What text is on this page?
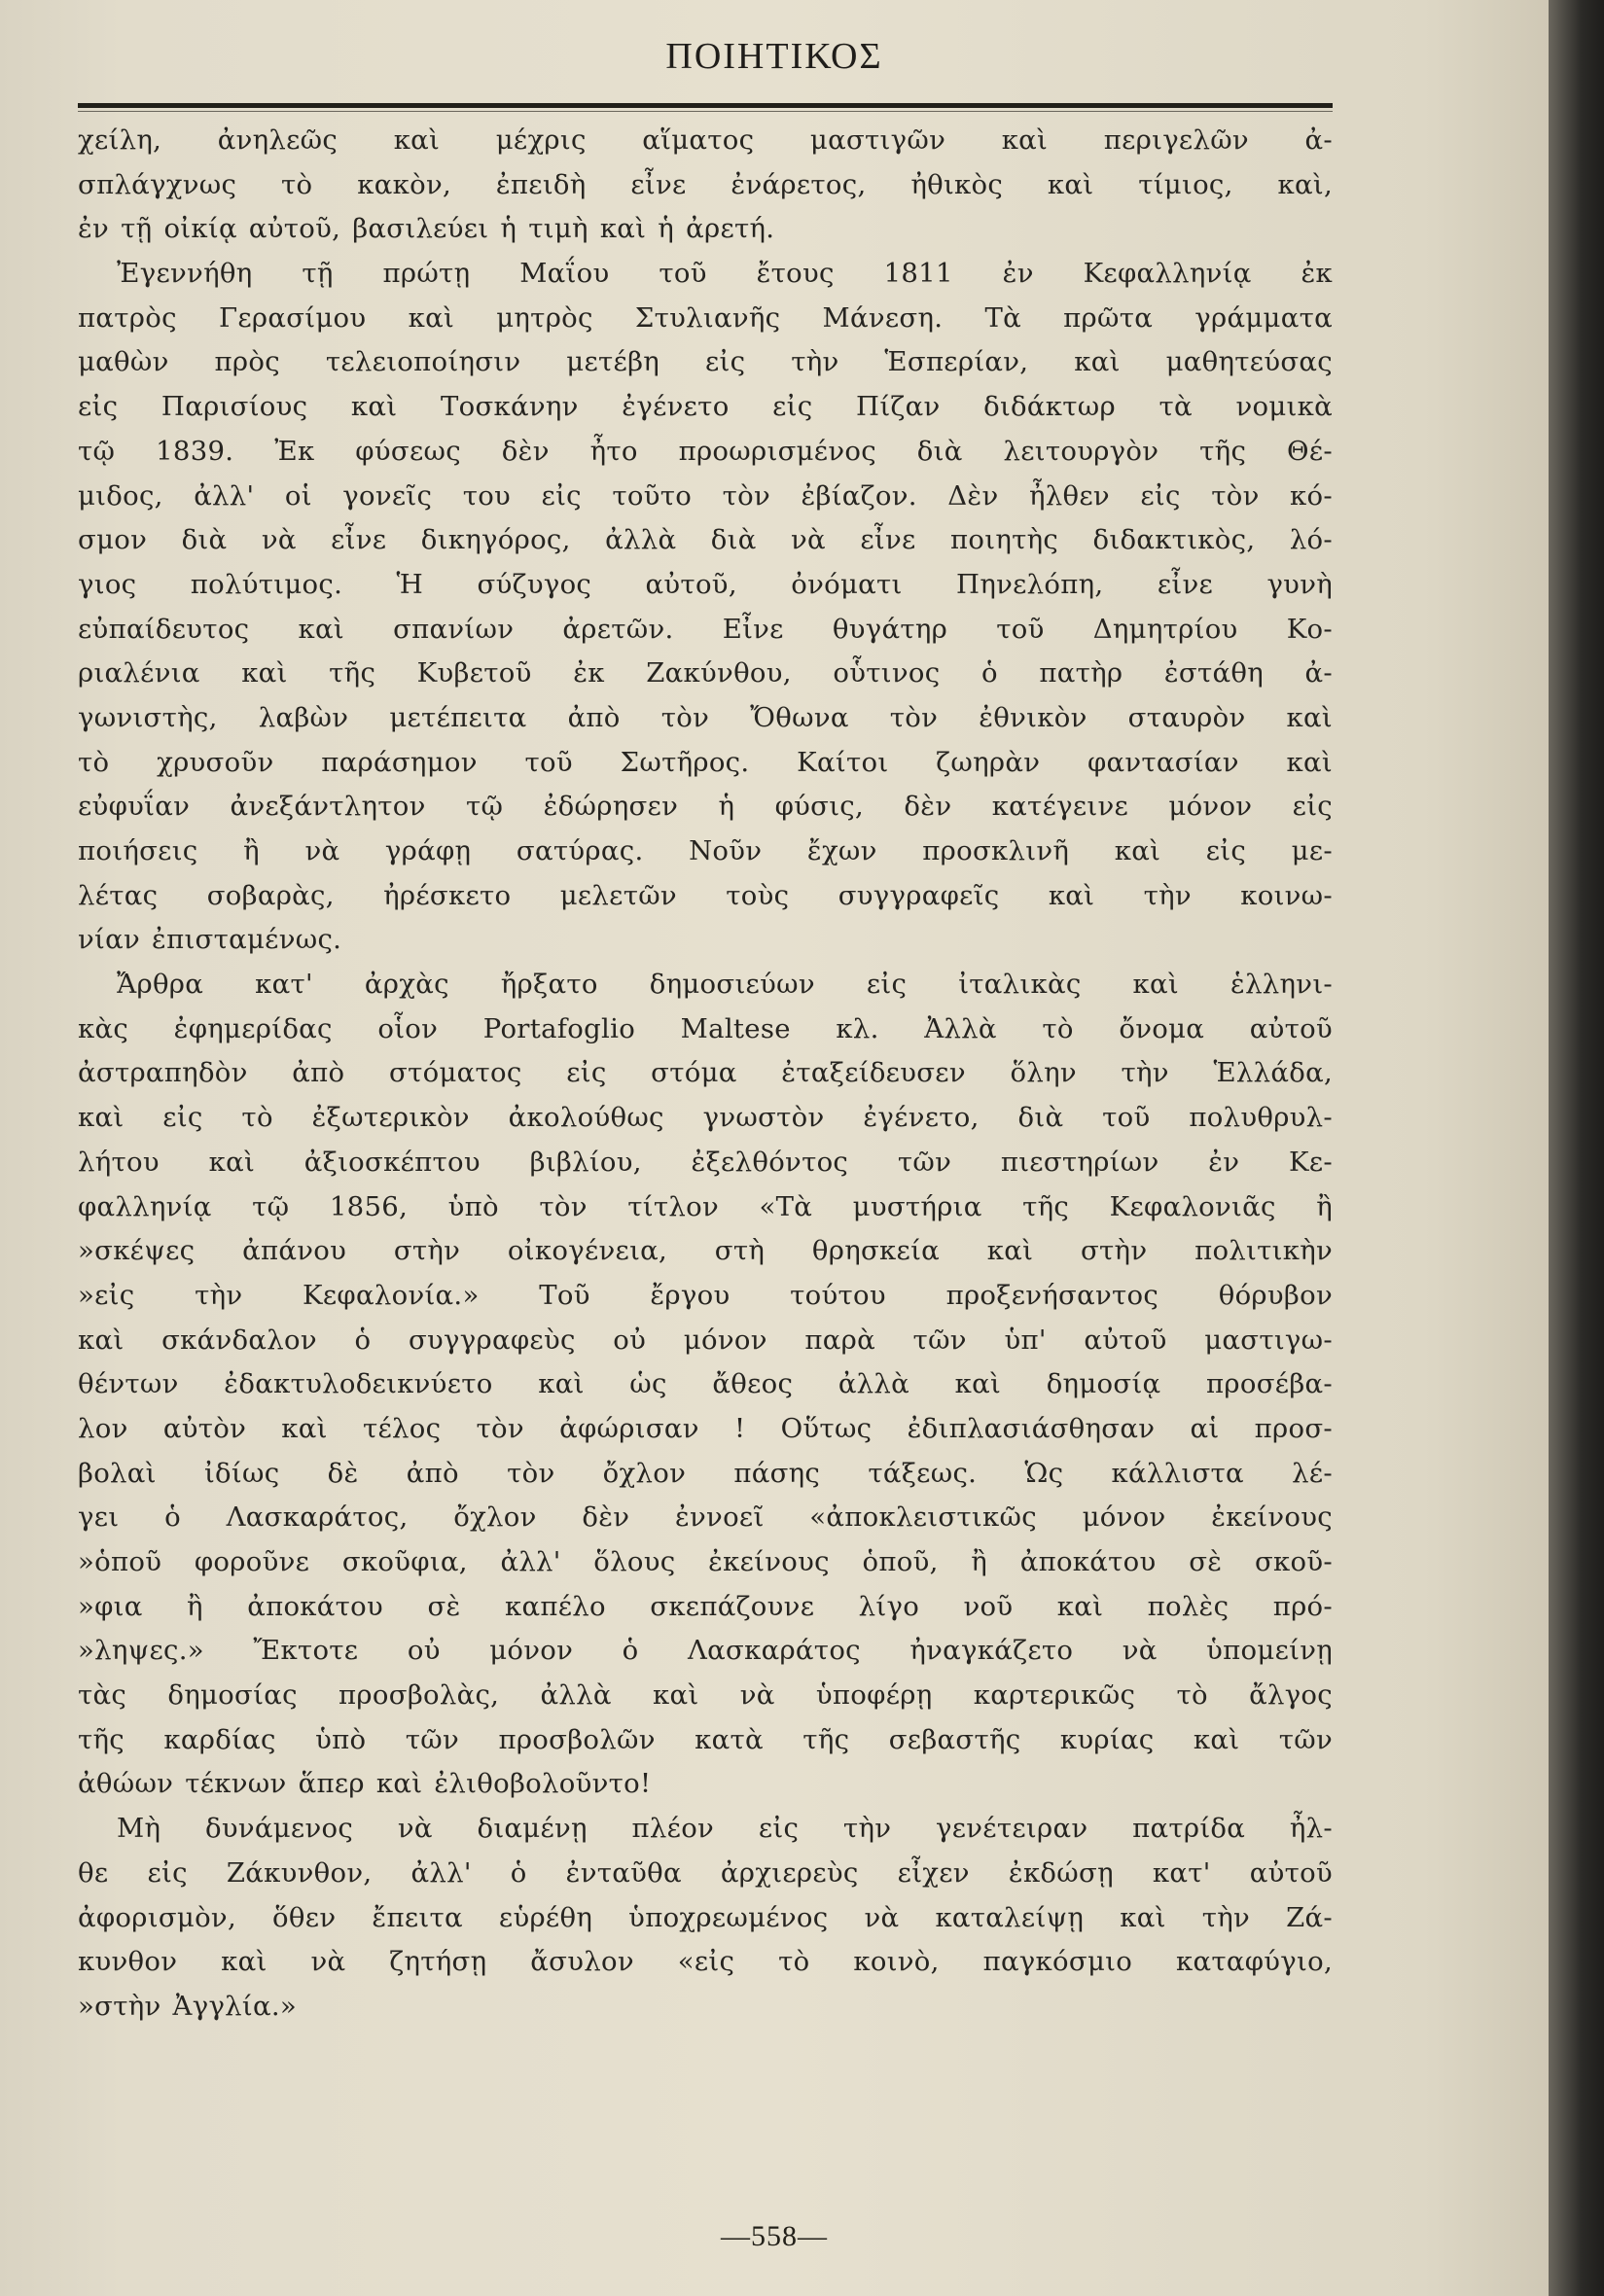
ΠΟΙΗΤΙΚΟΣ
χείλη, ἀνηλεῶς καὶ μέχρις αἵματος μαστιγῶν καὶ περιγελῶν ἀ-
σπλάγχνως τὸ κακὸν, ἐπειδὴ εἶνε ἐνάρετος, ἠθικὸς καὶ τίμιος, καὶ,
ἐν τῇ οἰκίᾳ αὐτοῦ, βασιλεύει ἡ τιμὴ καὶ ἡ ἀρετή.
Ἐγεννήθη τῇ πρώτῃ Μαΐου τοῦ ἔτους 1811 ἐν Κεφαλληνίᾳ ἐκ
πατρὸς Γερασίμου καὶ μητρὸς Στυλιανῆς Μάνεση. Τὰ πρῶτα γράμματα
μαθὼν πρὸς τελειοποίησιν μετέβη εἰς τὴν Ἑσπερίαν, καὶ μαθητεύσας
εἰς Παρισίους καὶ Τοσκάνην ἐγένετο εἰς Πίζαν διδάκτωρ τὰ νομικὰ
τῷ 1839. Ἐκ φύσεως δὲν ἦτο προωρισμένος διὰ λειτουργὸν τῆς Θέ-
μιδος, ἀλλ' οἱ γονεῖς του εἰς τοῦτο τὸν ἐβίαζον. Δὲν ἦλθεν εἰς τὸν κό-
σμον διὰ νὰ εἶνε δικηγόρος, ἀλλὰ διὰ νὰ εἶνε ποιητὴς διδακτικὸς, λό-
γιος πολύτιμος. Ἡ σύζυγος αὐτοῦ, ὀνόματι Πηνελόπη, εἶνε γυνὴ
εὐπαίδευτος καὶ σπανίων ἀρετῶν. Εἶνε θυγάτηρ τοῦ Δημητρίου Κο-
ριαλένια καὶ τῆς Κυβετοῦ ἐκ Ζακύνθου, οὗτινος ὁ πατὴρ ἐστάθη ἀ-
γωνιστὴς, λαβὼν μετέπειτα ἀπὸ τὸν Ὄθωνα τὸν ἐθνικὸν σταυρὸν καὶ
τὸ χρυσοῦν παράσημον τοῦ Σωτῆρος. Καίτοι ζωηρὰν φαντασίαν καὶ
εὐφυΐαν ἀνεξάντλητον τῷ ἐδώρησεν ἡ φύσις, δὲν κατέγεινε μόνον εἰς
ποιήσεις ἢ νὰ γράφῃ σατύρας. Νοῦν ἔχων προσκλινῆ καὶ εἰς με-
λέτας σοβαρὰς, ἠρέσκετο μελετῶν τοὺς συγγραφεῖς καὶ τὴν κοινω-
νίαν ἐπισταμένως.
Ἄρθρα κατ' ἀρχὰς ἤρξατο δημοσιεύων εἰς ἰταλικὰς καὶ ἑλληνι-
κὰς ἐφημερίδας οἷον Portafoglio Maltese κλ. Ἀλλὰ τὸ ὄνομα αὐτοῦ
ἀστραπηδὸν ἀπὸ στόματος εἰς στόμα ἐταξείδευσεν ὅλην τὴν Ἑλλάδα,
καὶ εἰς τὸ ἐξωτερικὸν ἀκολούθως γνωστὸν ἐγένετο, διὰ τοῦ πολυθρυλ-
λήτου καὶ ἀξιοσκέπτου βιβλίου, ἐξελθόντος τῶν πιεστηρίων ἐν Κε-
φαλληνίᾳ τῷ 1856, ὑπὸ τὸν τίτλον «Τὰ μυστήρια τῆς Κεφαλονιᾶς ἢ
»σκέψες ἀπάνου στὴν οἰκογένεια, στὴ θρησκεία καὶ στὴν πολιτικὴν
»εἰς τὴν Κεφαλονία.» Τοῦ ἔργου τούτου προξενήσαντος θόρυβον
καὶ σκάνδαλον ὁ συγγραφεὺς οὐ μόνον παρὰ τῶν ὑπ' αὐτοῦ μαστιγω-
θέντων ἐδακτυλοδεικνύετο καὶ ὡς ἄθεος ἀλλὰ καὶ δημοσίᾳ προσέβα-
λον αὐτὸν καὶ τέλος τὸν ἀφώρισαν ! Οὕτως ἐδιπλασιάσθησαν αἱ προσ-
βολαὶ ἰδίως δὲ ἀπὸ τὸν ὄχλον πάσης τάξεως. Ὡς κάλλιστα λέ-
γει ὁ Λασκαράτος, ὄχλον δὲν ἐννοεῖ «ἀποκλειστικῶς μόνον ἐκείνους
»ὁποῦ φοροῦνε σκοῦφια, ἀλλ' ὅλους ἐκείνους ὁποῦ, ἢ ἀποκάτου σὲ σκοῦ-
»φια ἢ ἀποκάτου σὲ καπέλο σκεπάζουνε λίγο νοῦ καὶ πολὲς πρό-
»ληψες.» Ἔκτοτε οὐ μόνον ὁ Λασκαράτος ἠναγκάζετο νὰ ὑπομείνῃ
τὰς δημοσίας προσβολὰς, ἀλλὰ καὶ νὰ ὑποφέρῃ καρτερικῶς τὸ ἄλγος
τῆς καρδίας ὑπὸ τῶν προσβολῶν κατὰ τῆς σεβαστῆς κυρίας καὶ τῶν
ἀθώων τέκνων ἅπερ καὶ ἐλιθοβολοῦντο!
Μὴ δυνάμενος νὰ διαμένῃ πλέον εἰς τὴν γενέτειραν πατρίδα ἦλ-
θε εἰς Ζάκυνθον, ἀλλ' ὁ ἐνταῦθα ἀρχιερεὺς εἶχεν ἐκδώσῃ κατ' αὐτοῦ
ἀφορισμὸν, ὅθεν ἔπειτα εὑρέθη ὑποχρεωμένος νὰ καταλείψῃ καὶ τὴν Ζά-
κυνθον καὶ νὰ ζητήσῃ ἄσυλον «εἰς τὸ κοινὸ, παγκόσμιο καταφύγιο,
»στὴν Ἀγγλία.»
—558—
